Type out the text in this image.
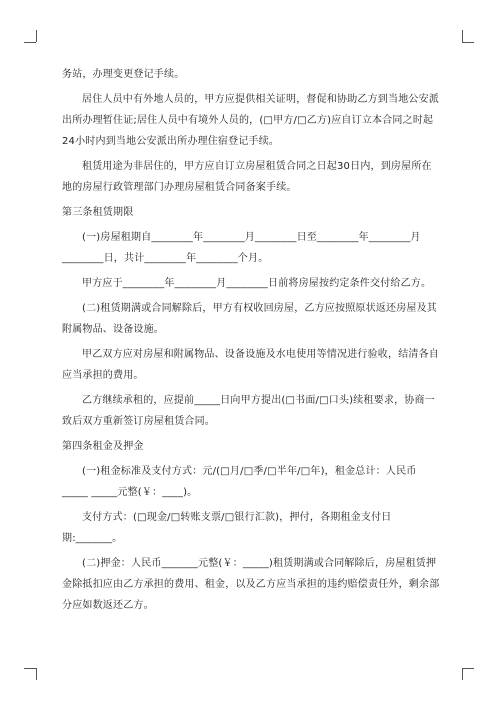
务站，办理变更登记手续。

居住人员中有外地人员的，甲方应提供相关证明，督促和协助乙方到当地公安派出所办理暂住证;居住人员中有境外人员的，(□甲方/□乙方)应自订立本合同之时起24小时内到当地公安派出所办理住宿登记手续。

租赁用途为非居住的，甲方应自订立房屋租赁合同之日起30日内，到房屋所在地的房屋行政管理部门办理房屋租赁合同备案手续。

第三条租赁期限

(一)房屋租期自________年________月________日至________年________月________日，共计________年________个月。

甲方应于________年________月________日前将房屋按约定条件交付给乙方。

(二)租赁期满或合同解除后，甲方有权收回房屋，乙方应按照原状返还房屋及其附属物品、设备设施。

甲乙双方应对房屋和附属物品、设备设施及水电使用等情况进行验收，结清各自应当承担的费用。

乙方继续承租的，应提前_____日向甲方提出(□书面/□口头)续租要求，协商一致后双方重新签订房屋租赁合同。

第四条租金及押金

(一)租金标准及支付方式：元/(□月/□季/□半年/□年)，租金总计：人民币_____ _____元整(￥：____)。

支付方式：(□现金/□转账支票/□银行汇款)，押付，各期租金支付日期:_______。

(二)押金：人民币_______元整(￥：_____)租赁期满或合同解除后，房屋租赁押金除抵扣应由乙方承担的费用、租金，以及乙方应当承担的违约赔偿责任外，剩余部分应如数返还乙方。
